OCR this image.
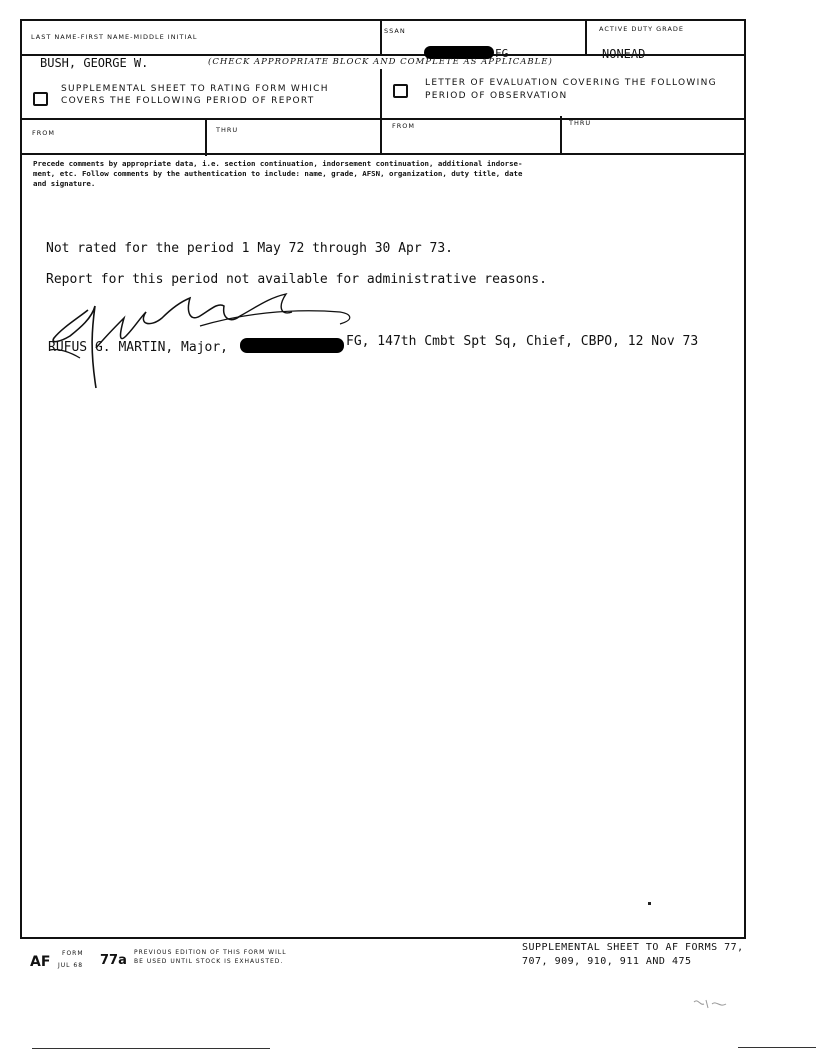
LAST NAME-FIRST NAME-MIDDLE INITIAL
BUSH, GEORGE W.
SSAN
FG
ACTIVE DUTY GRADE
NONEAD
(CHECK APPROPRIATE BLOCK AND COMPLETE AS APPLICABLE)
SUPPLEMENTAL SHEET TO RATING FORM WHICH
COVERS THE FOLLOWING PERIOD OF REPORT
LETTER OF EVALUATION COVERING THE FOLLOWING
PERIOD OF OBSERVATION
FROM	THRU	FROM	THRU
Precede comments by appropriate data, i.e. section continuation, indorsement continuation, additional indorse-
ment, etc. Follow comments by the authentication to include: name, grade, AFSN, organization, duty title, date
and signature.
Not rated for the period 1 May 72 through 30 Apr 73.
Report for this period not available for administrative reasons.
RUFUS G. MARTIN, Major,	FG, 147th Cmbt Spt Sq, Chief, CBPO, 12 Nov 73
AF
FORM
JUL 68 77a
PREVIOUS EDITION OF THIS FORM WILL
BE USED UNTIL STOCK IS EXHAUSTED.
SUPPLEMENTAL SHEET TO AF FORMS 77,
707, 909, 910, 911 AND 475
